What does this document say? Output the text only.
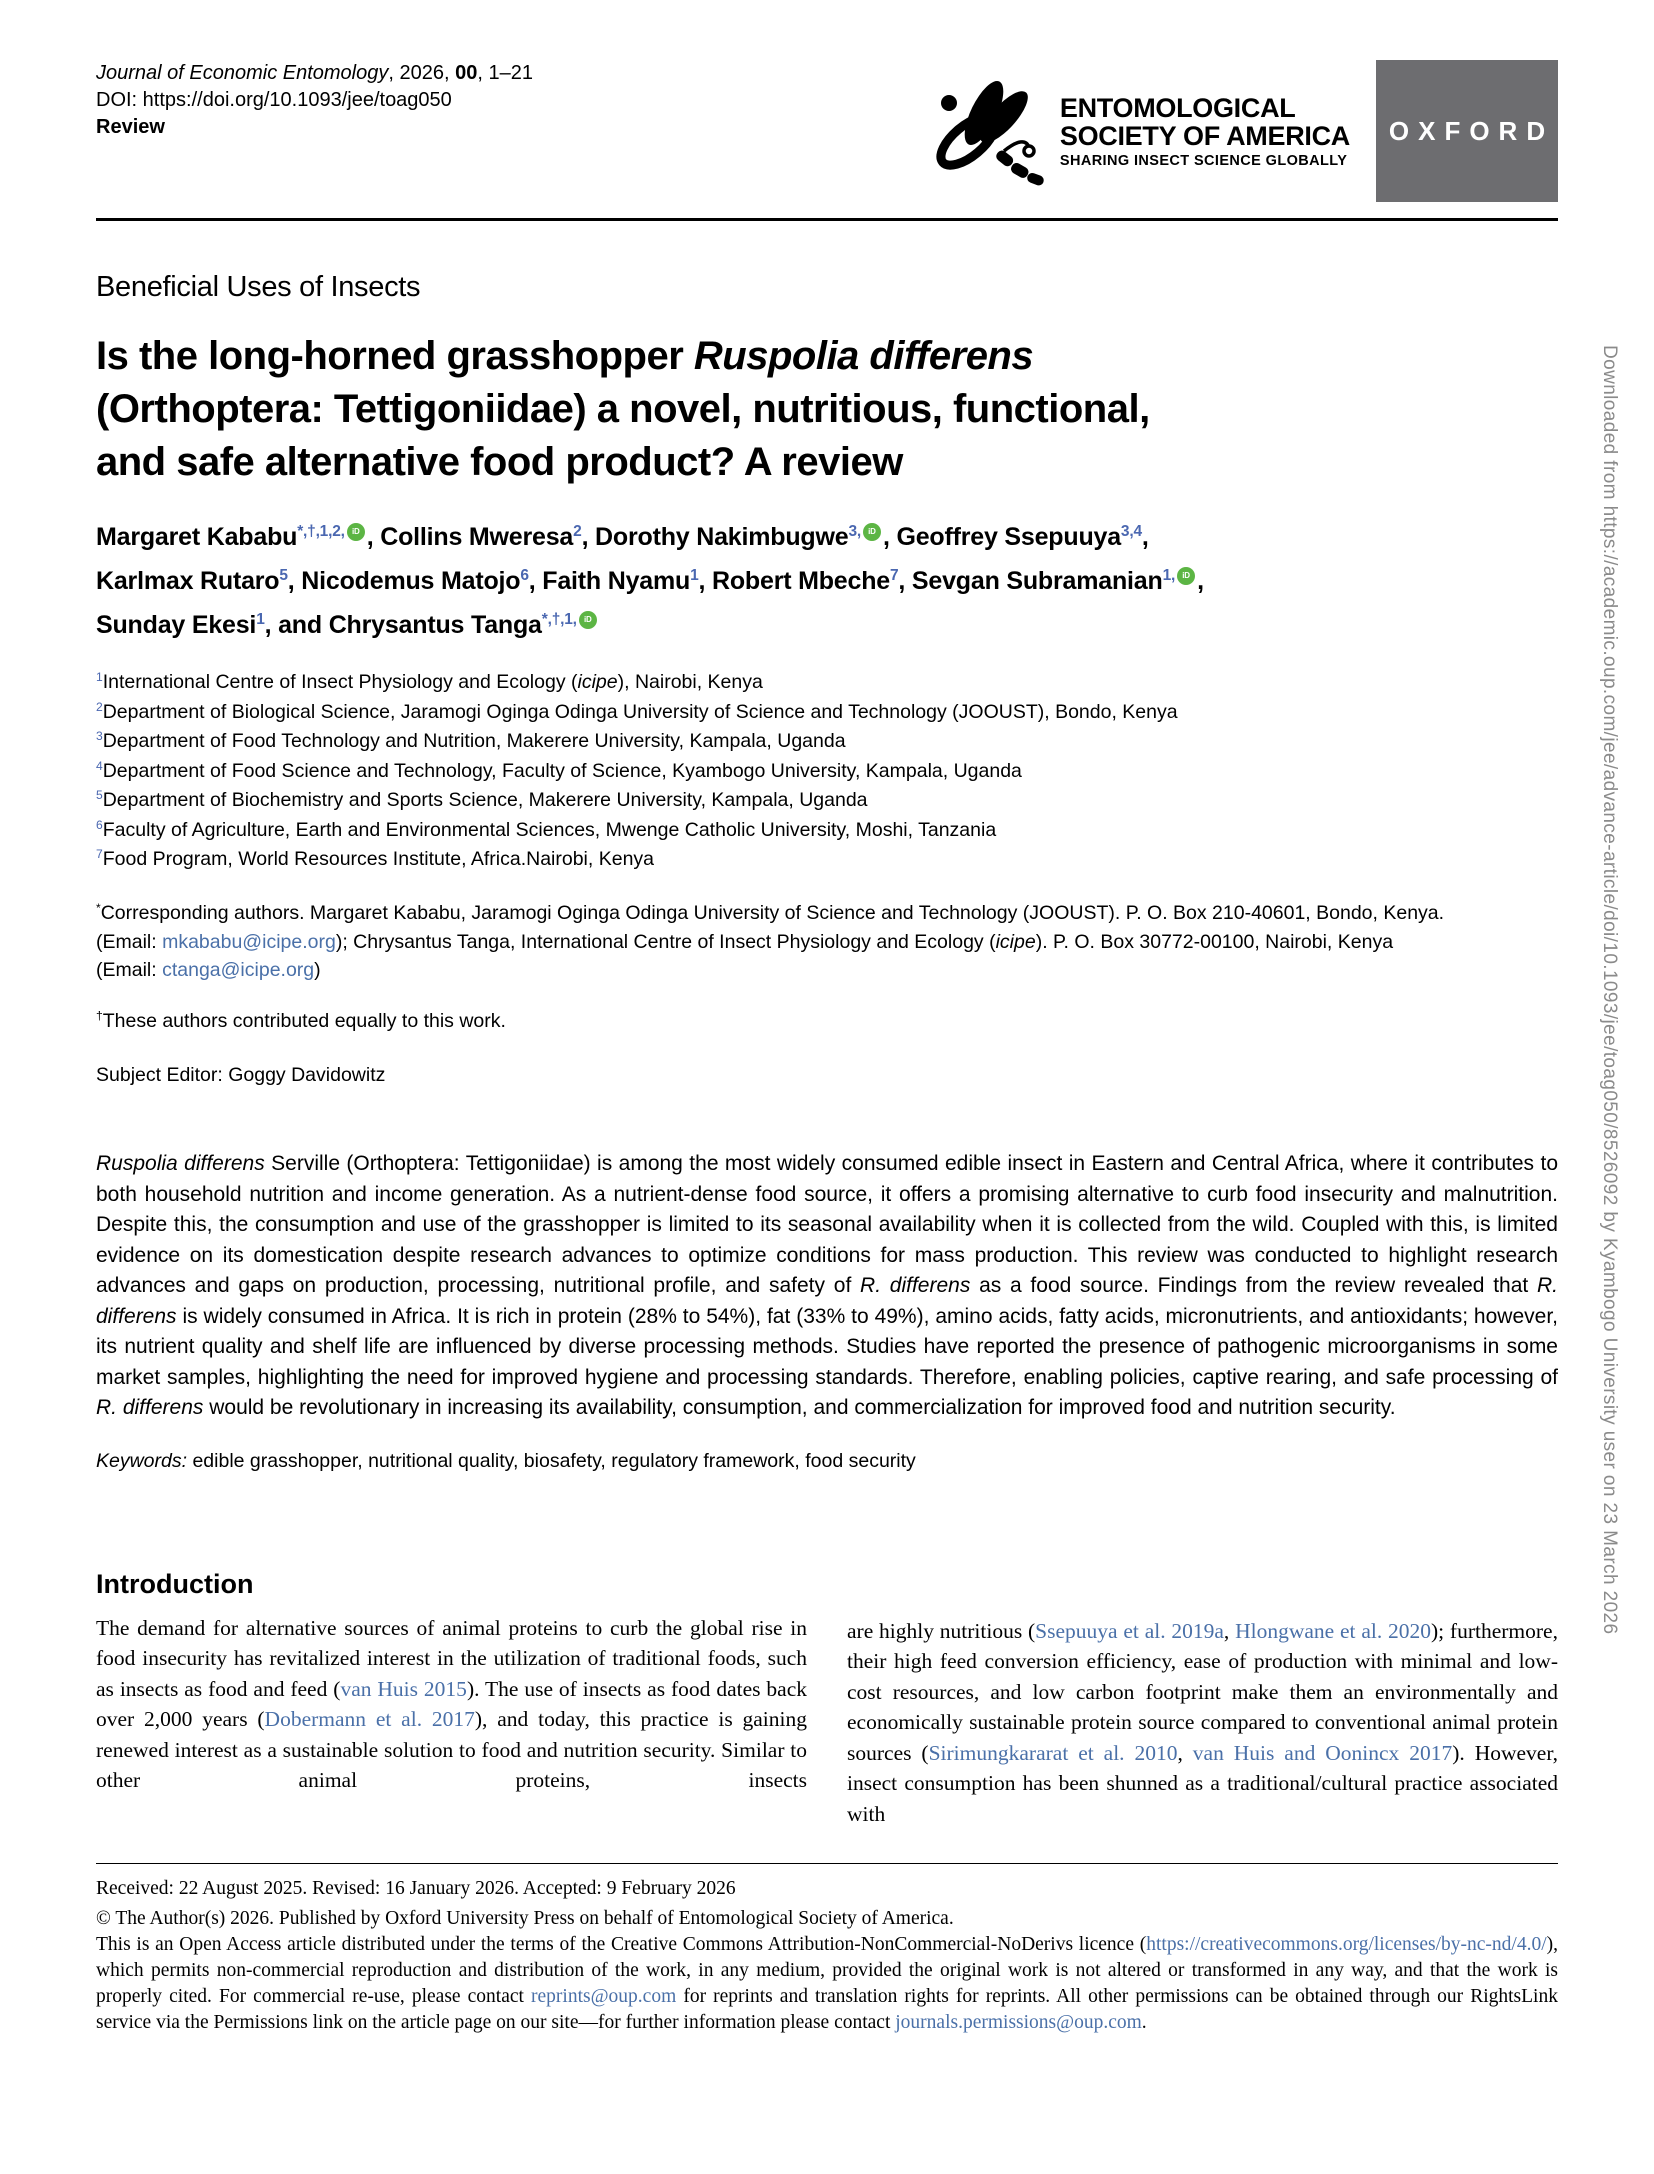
Journal of Economic Entomology, 2026, 00, 1–21
DOI: https://doi.org/10.1093/jee/toag050
Review
ENTOMOLOGICAL
SOCIETY OF AMERICA
SHARING INSECT SCIENCE GLOBALLY
OXFORD
Beneficial Uses of Insects
Is the long-horned grasshopper Ruspolia differens
(Orthoptera: Tettigoniidae) a novel, nutritious, functional,
and safe alternative food product? A review
Margaret Kababu$^{*,\dagger,1,2,}$ iD , Collins Mweresa$^2$, Dorothy Nakimbugwe$^{3,}$ iD , Geoffrey Ssepuuya$^{3,4}$,
Karlmax Rutaro$^5$, Nicodemus Matojo$^6$, Faith Nyamu$^1$, Robert Mbeche$^7$, Sevgan Subramanian$^{1,}$ iD ,
Sunday Ekesi$^1$, and Chrysantus Tanga$^{*,\dagger,1,}$iD
$^1$International Centre of Insect Physiology and Ecology (icipe), Nairobi, Kenya
$^2$Department of Biological Science, Jaramogi Oginga Odinga University of Science and Technology (JOOUST), Bondo, Kenya
$^3$Department of Food Technology and Nutrition, Makerere University, Kampala, Uganda
$^4$Department of Food Science and Technology, Faculty of Science, Kyambogo University, Kampala, Uganda
$^5$Department of Biochemistry and Sports Science, Makerere University, Kampala, Uganda
$^6$Faculty of Agriculture, Earth and Environmental Sciences, Mwenge Catholic University, Moshi, Tanzania
$^7$Food Program, World Resources Institute, Africa.Nairobi, Kenya
*Corresponding authors. Margaret Kababu, Jaramogi Oginga Odinga University of Science and Technology (JOOUST). P. O. Box 210-40601, Bondo, Kenya.
(Email: mkababu@icipe.org); Chrysantus Tanga, International Centre of Insect Physiology and Ecology (icipe). P. O. Box 30772-00100, Nairobi, Kenya
(Email: ctanga@icipe.org)
†These authors contributed equally to this work.
Subject Editor: Goggy Davidowitz
Ruspolia differens Serville (Orthoptera: Tettigoniidae) is among the most widely consumed edible insect in Eastern and Central Africa, where it contributes to both household nutrition and income generation. As a nutrient-dense food source, it offers a promising alternative to curb food insecurity and malnutrition. Despite this, the consumption and use of the grasshopper is limited to its seasonal availability when it is collected from the wild. Coupled with this, is limited evidence on its domestication despite research advances to optimize conditions for mass production. This review was conducted to highlight research advances and gaps on production, processing, nutritional profile, and safety of R. differens as a food source. Findings from the review revealed that R. differens is widely consumed in Africa. It is rich in protein (28% to 54%), fat (33% to 49%), amino acids, fatty acids, micronutrients, and antioxidants; however, its nutrient quality and shelf life are influenced by diverse processing methods. Studies have reported the presence of pathogenic microorganisms in some market samples, highlighting the need for improved hygiene and processing standards. Therefore, enabling policies, captive rearing, and safe processing of R. differens would be revolutionary in increasing its availability, consumption, and commercialization for improved food and nutrition security.
Keywords: edible grasshopper, nutritional quality, biosafety, regulatory framework, food security
Introduction
The demand for alternative sources of animal proteins to curb the global rise in food insecurity has revitalized interest in the utilization of traditional foods, such as insects as food and feed (van Huis 2015). The use of insects as food dates back over 2,000 years (Dobermann et al. 2017), and today, this practice is gaining renewed interest as a sustainable solution to food and nutrition security. Similar to other animal proteins, insects
are highly nutritious (Ssepuuya et al. 2019a, Hlongwane et al. 2020); furthermore, their high feed conversion efficiency, ease of production with minimal and low-cost resources, and low carbon footprint make them an environmentally and economically sustainable protein source compared to conventional animal protein sources (Sirimungkararat et al. 2010, van Huis and Oonincx 2017). However, insect consumption has been shunned as a traditional/cultural practice associated with
Received: 22 August 2025. Revised: 16 January 2026. Accepted: 9 February 2026
© The Author(s) 2026. Published by Oxford University Press on behalf of Entomological Society of America.
This is an Open Access article distributed under the terms of the Creative Commons Attribution-NonCommercial-NoDerivs licence (https://creativecommons.org/licenses/by-nc-nd/4.0/), which permits non-commercial reproduction and distribution of the work, in any medium, provided the original work is not altered or transformed in any way, and that the work is properly cited. For commercial re-use, please contact reprints@oup.com for reprints and translation rights for reprints. All other permissions can be obtained through our RightsLink service via the Permissions link on the article page on our site—for further information please contact journals.permissions@oup.com.
Downloaded from https://academic.oup.com/jee/advance-article/doi/10.1093/jee/toag050/8526092 by Kyambogo University user on 23 March 2026
